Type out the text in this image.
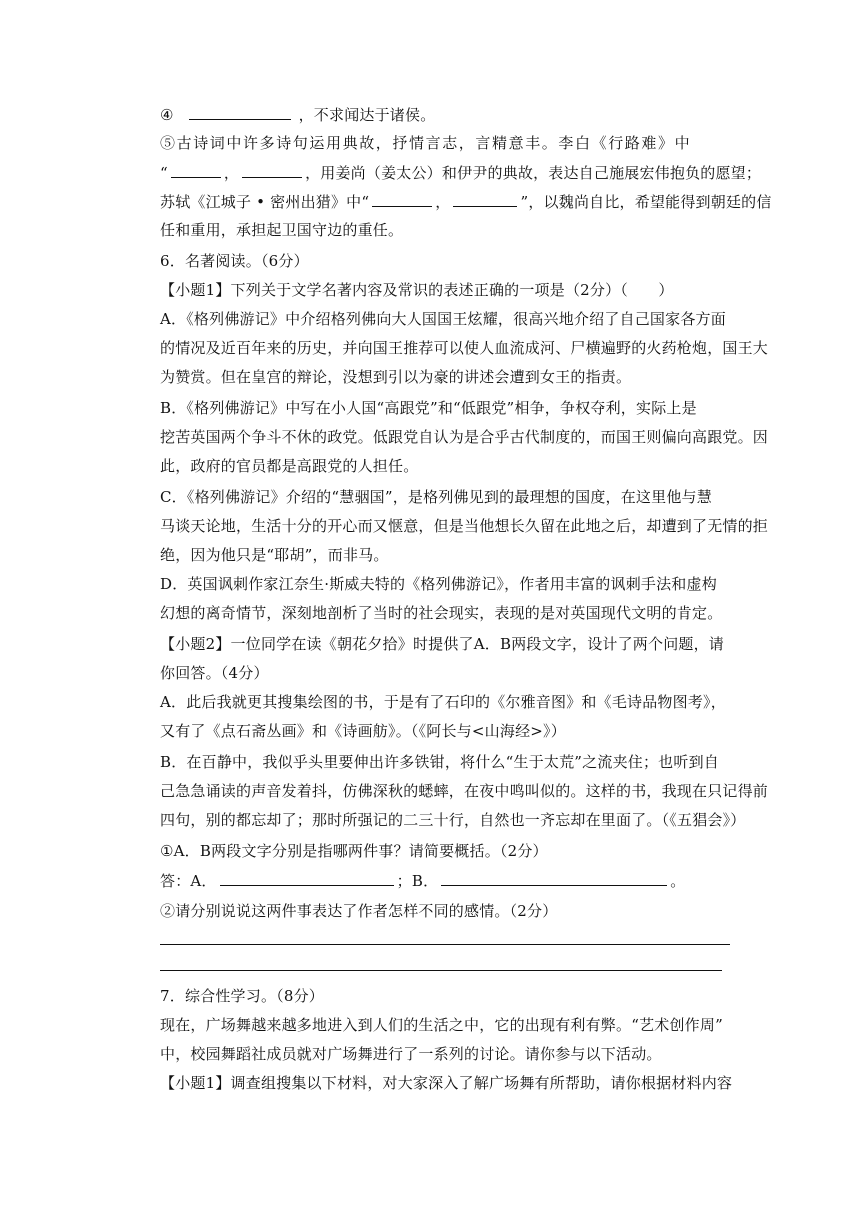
④	，不求闻达于诸侯。
⑤古诗词中许多诗句运用典故，抒情言志，言精意丰。李白《行路难》中
“	，	，用姜尚（姜太公）和伊尹的典故，表达自己施展宏伟抱负的愿望；
苏轼《江城子 • 密州出猎》中“	，	”，以魏尚自比，希望能得到朝廷的信
任和重用，承担起卫国守边的重任。
6．名著阅读。（6分）
【小题1】下列关于文学名著内容及常识的表述正确的一项是（2分）（　　）
A．《格列佛游记》中介绍格列佛向大人国国王炫耀，很高兴地介绍了自己国家各方面
的情况及近百年来的历史，并向国王推荐可以使人血流成河、尸横遍野的火药枪炮，国王大
为赞赏。但在皇宫的辩论，没想到引以为豪的讲述会遭到女王的指责。
B．《格列佛游记》中写在小人国“高跟党”和“低跟党”相争，争权夺利，实际上是
挖苦英国两个争斗不休的政党。低跟党自认为是合乎古代制度的，而国王则偏向高跟党。因
此，政府的官员都是高跟党的人担任。
C．《格列佛游记》介绍的“慧骃国”，是格列佛见到的最理想的国度，在这里他与慧
马谈天论地，生活十分的开心而又惬意，但是当他想长久留在此地之后，却遭到了无情的拒
绝，因为他只是“耶胡”，而非马。
D．英国讽刺作家江奈生·斯威夫特的《格列佛游记》，作者用丰富的讽刺手法和虚构
幻想的离奇情节，深刻地剖析了当时的社会现实，表现的是对英国现代文明的肯定。
【小题2】一位同学在读《朝花夕拾》时提供了A．B两段文字，设计了两个问题，请
你回答。（4分）
A．此后我就更其搜集绘图的书，于是有了石印的《尔雅音图》和《毛诗品物图考》，
又有了《点石斋丛画》和《诗画舫》。（《阿长与<山海经>》）
B．在百静中，我似乎头里要伸出许多铁钳，将什么“生于太荒”之流夹住；也听到自
己急急诵读的声音发着抖，仿佛深秋的蟋蟀，在夜中鸣叫似的。这样的书，我现在只记得前
四句，别的都忘却了；那时所强记的二三十行，自然也一齐忘却在里面了。（《五猖会》）
①A．B两段文字分别是指哪两件事？请简要概括。（2分）
答：A．	；B．	。
②请分别说说这两件事表达了作者怎样不同的感情。（2分）
7．综合性学习。（8分）
现在，广场舞越来越多地进入到人们的生活之中，它的出现有利有弊。“艺术创作周”
中，校园舞蹈社成员就对广场舞进行了一系列的讨论。请你参与以下活动。
【小题1】调查组搜集以下材料，对大家深入了解广场舞有所帮助，请你根据材料内容
